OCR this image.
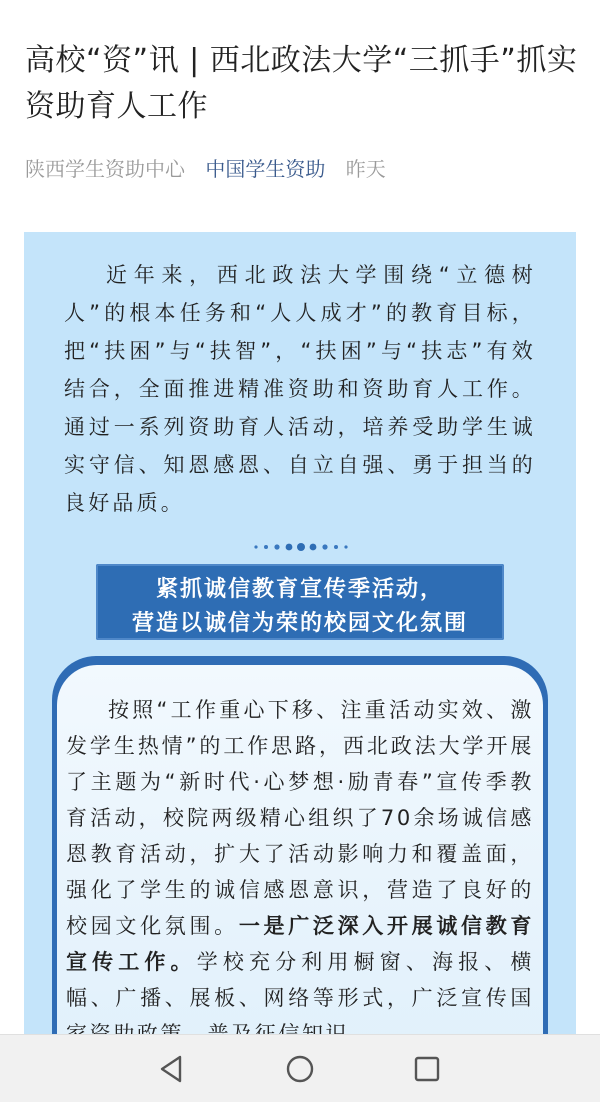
高校“资”讯 | 西北政法大学“三抓手”抓实资助育人工作
陕西学生资助中心 中国学生资助 昨天
近年来，西北政法大学围绕“立德树人”的根本任务和“人人成才”的教育目标，把“扶困”与“扶智”，“扶困”与“扶志”有效结合，全面推进精准资助和资助育人工作。通过一系列资助育人活动，培养受助学生诚实守信、知恩感恩、自立自强、勇于担当的良好品质。
紧抓诚信教育宣传季活动，
营造以诚信为荣的校园文化氛围
按照“工作重心下移、注重活动实效、激发学生热情”的工作思路，西北政法大学开展了主题为“新时代·心梦想·励青春”宣传季教育活动，校院两级精心组织了70余场诚信感恩教育活动，扩大了活动影响力和覆盖面，强化了学生的诚信感恩意识，营造了良好的校园文化氛围。一是广泛深入开展诚信教育宣传工作。学校充分利用橱窗、海报、横幅、广播、展板、网络等形式，广泛宣传国
